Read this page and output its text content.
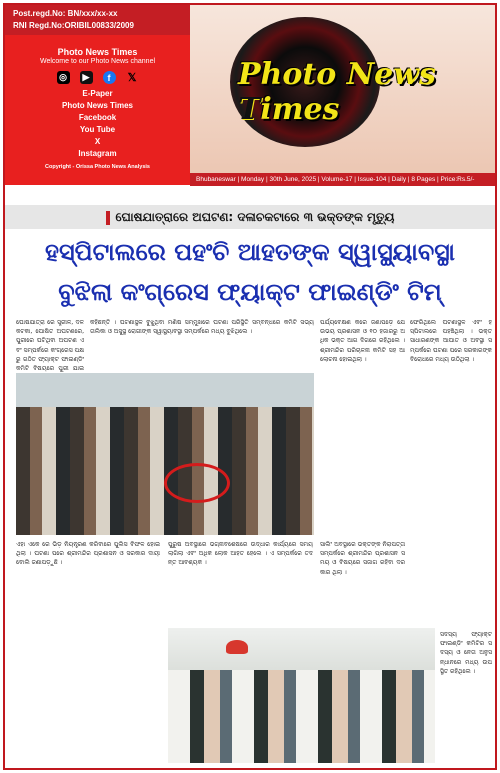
Post.regd.No: BN/xxx/xx-xx
RNI Regd.No:ORIBIL00833/2009
Photo News Times
Welcome to our Photo News channel
◎	▶	f	𝕏
E-Paper
Photo News Times
Facebook
You Tube
X
Instagram
Copyright - Orissa Photo News Analysis
Photo News Times
Bhubaneswar | Monday | 30th June, 2025 | Volume-17 | Issue-104 | Daily | 8 Pages | Price:Rs.5/-
ଘୋଷଯାତ୍ରାରେ ଅଘଟଣ: ଦଳାଚକଟାରେ ୩ ଭକ୍ତଙ୍କ ମୃତ୍ୟୁ
ହସ୍ପିଟାଲରେ ପହଂଚି ଆହତଙ୍କ ସ୍ୱାସ୍ଥ୍ୟାବସ୍ଥା
ବୁଝିଲା କଂଗ୍ରେସ ଫ୍ୟାକ୍ଟ ଫାଇଣ୍ଡିଂ ଟିମ୍
ଘୋଷଯାତ୍ରା ରେ ସ୍ତ୍ରୀଳ, ଦଳକଟକା, ଘୋଷିତ ଅଘଟଣରେ, ପୁରୀରେ ଘଟିଥିବା ଅଘଟଣ ଏବଂ ସମ୍ପର୍କରେ କଂଗ୍ରେସ ପକ୍ଷରୁ ଗଠିତ ଫ୍ୟାକ୍ଟ ଫାଇଣ୍ଡିଂ କମିଟି ବିଷୟରେ ପୁରୀ ଯାଇ
କହିଛନ୍ତି । ଘଟଣାସ୍ଥଳ ବୁଝୁଥିବା ମଣିଷ ସମ୍ମୁଖରେ ଘଟଣା ପରିସ୍ଥିତି ସମ୍ବନ୍ଧରେ କମିଟି ସଭ୍ୟ ତାଲିକା ଓ ଅସୁସ୍ଥ ରୋଗୀଙ୍କ ସ୍ୱାସ୍ଥ୍ୟାବସ୍ଥା ସମ୍ପର୍କରେ ମଧ୍ୟ ବୁଝିଥିଲେ ।
ପର୍ଯ୍ୟବେକ୍ଷଣ କରେ ଜଣାପଡ଼େ ଯେ ଉଭୟ ପ୍ରଶାସନ ଓ ୧୦ ହଜାରରୁ ଅଧିକ ଭକ୍ତ ଆଗ ଦିଗରେ ରହିଥିଲେ । ଶ୍ରୀମନ୍ଦିର ପରିଚାଳନା କମିଟି ସହ ଆଲୋଚନା ହୋଇଥିଲା ।
ଫେରିଥିଲେ ଘଟଣାସ୍ଥଳ ଏବଂ ହସ୍ପିଟାଲରେ ପହଞ୍ଚିଥିଲା । ଭକ୍ତ ସାଧାରଣଙ୍କ ଆଘାତ ଓ ଅବସ୍ଥା ସମ୍ପର୍କରେ ଘଟଣା ପରେ ସରକାରଙ୍କ ବିରୋଧରେ ମଧ୍ୟ ଉଠିଥିଲା ।
ଏହା ଏକେ ରେ ଭିଡ଼ ନିୟନ୍ତ୍ରଣ କରିବାରେ ପୁଲିସ ବିଫଳ ହୋଇଥିଲା । ଘଟଣା ପରେ ଶ୍ରୀମନ୍ଦିର ପ୍ରଶାସନ ଓ ସରକାର ଦାୟୀ ବୋଲି ଜଣାପଡ଼ୁଛି ।
ପୁରୁଷ ଅବସ୍ଥାରେ ଭଗ୍ନାବଶେଷରେ ଉଦ୍ଧାର କାର୍ଯ୍ୟରେ ସମୟ ଲାଗିଲା ଏବଂ ଅଧିକ ଲୋକ ଆହତ ହେଲେ । ଏ ସମ୍ପର୍କରେ ତଦନ୍ତ ଆବଶ୍ୟକ ।
ସାଲିଂ ଅବସ୍ଥାରେ ଭକ୍ତଙ୍କ ନିରାପତ୍ତା ସମ୍ପର୍କରେ ଶ୍ରୀମନ୍ଦିର ପ୍ରଶାସନ ସମୟ ଓ ବିଷୟରେ ସଜାଗ ରହିବା ଦରକାର ଥିଲା ।
ସଦସ୍ୟ ଫ୍ୟାକ୍ଟ ଫାଇଣ୍ଡିଂ କମିଟିର ସଦସ୍ୟ ଓ ନେତା ଅନୁସନ୍ଧାନରେ ମଧ୍ୟ ଉପସ୍ଥିତ ରହିଥିଲେ ।
